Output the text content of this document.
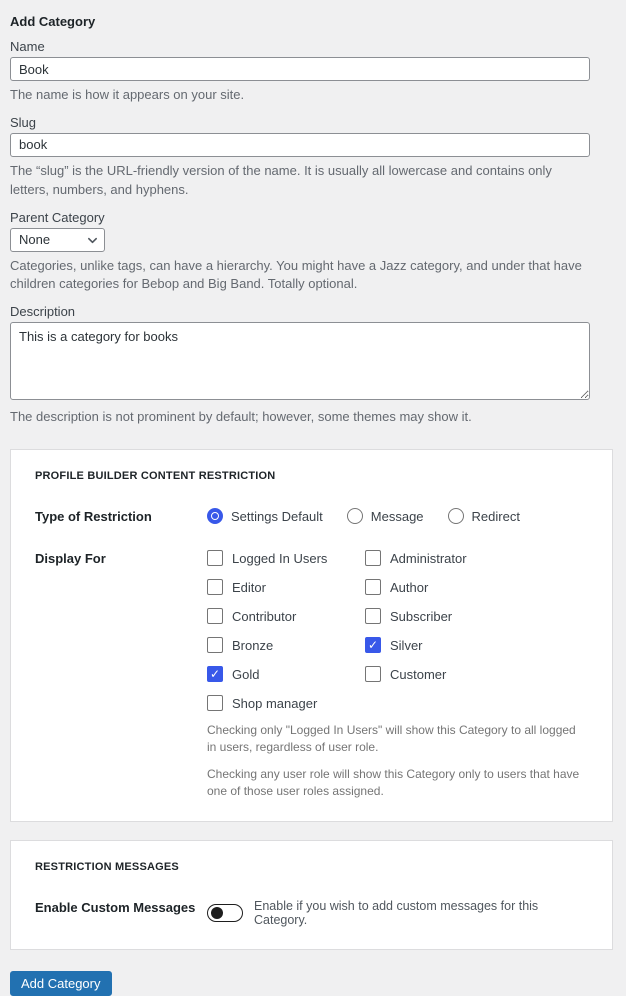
Add Category
Name
Book

The name is how it appears on your site.

Slug
book

The “slug” is the URL-friendly version of the name. It is usually all lowercase and contains only letters, numbers, and hyphens.

Parent Category
None

Categories, unlike tags, can have a hierarchy. You might have a Jazz category, and under that have children categories for Bebop and Big Band. Totally optional.

Description
This is a category for books

The description is not prominent by default; however, some themes may show it.

PROFILE BUILDER CONTENT RESTRICTION
Type of Restriction	Settings Default	Message	Redirect
Display For	Logged In Users	Administrator
Editor	Author
Contributor	Subscriber
Bronze	✓ Silver
✓ Gold	Customer
Shop manager

Checking only "Logged In Users" will show this Category to all logged in users, regardless of user role.

Checking any user role will show this Category only to users that have one of those user roles assigned.

RESTRICTION MESSAGES
Enable Custom Messages	Enable if you wish to add custom messages for this Category.
Add Category
